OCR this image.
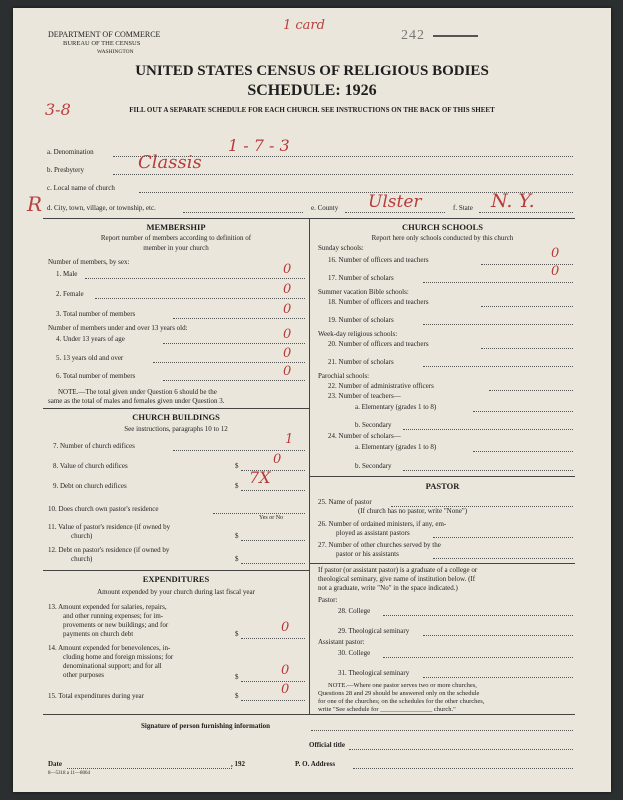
DEPARTMENT OF COMMERCE
BUREAU OF THE CENSUS
WASHINGTON
1 card
242
UNITED STATES CENSUS OF RELIGIOUS BODIES
SCHEDULE: 1926
3-8	FILL OUT A SEPARATE SCHEDULE FOR EACH CHURCH. SEE INSTRUCTIONS ON THE BACK OF THIS SHEET
a. Denomination	1 - 7 - 3
b. Presbytery	Classis
c. Local name of church
R d. City, town, village, or township, etc.	e. County Ulster	f. State N. Y.
MEMBERSHIP
Report number of members according to definition of
member in your church
Number of members, by sex:
1. Male	0
2. Female	0
3. Total number of members	0
Number of members under and over 13 years old:
4. Under 13 years of age	0
5. 13 years old and over	0
6. Total number of members	0
NOTE.—The total given under Question 6 should be the
same as the total of males and females given under Question 3.
CHURCH BUILDINGS
See instructions, paragraphs 10 to 12
7. Number of church edifices	1
8. Value of church edifices	$	0
9. Debt on church edifices	$ 7X
10. Does church own pastor's residence
Yes or No
11. Value of pastor's residence (if owned by
church)	$
12. Debt on pastor's residence (if owned by
church)	$
EXPENDITURES
Amount expended by your church during last fiscal year
13. Amount expended for salaries, repairs,
and other running expenses; for im-
provements or new buildings; and for
payments on church debt	$	0
14. Amount expended for benevolences, in-
cluding home and foreign missions; for
denominational support; and for all
other purposes	$	0
15. Total expenditures during year	$	0
CHURCH SCHOOLS
Report here only schools conducted by this church
Sunday schools:
16. Number of officers and teachers	0
17. Number of scholars	0
Summer vacation Bible schools:
18. Number of officers and teachers
19. Number of scholars
Week-day religious schools:
20. Number of officers and teachers
21. Number of scholars
Parochial schools:
22. Number of administrative officers
23. Number of teachers—
a. Elementary (grades 1 to 8)
b. Secondary
24. Number of scholars—
a. Elementary (grades 1 to 8)
b. Secondary
PASTOR
25. Name of pastor
(If church has no pastor, write "None")
26. Number of ordained ministers, if any, em-
ployed as assistant pastors
27. Number of other churches served by the
pastor or his assistants
If pastor (or assistant pastor) is a graduate of a college or
theological seminary, give name of institution below. (If
not a graduate, write "No" in the space indicated.)
Pastor:
28. College
29. Theological seminary
Assistant pastor:
30. College
31. Theological seminary
NOTE.—Where one pastor serves two or more churches,
Questions 28 and 29 should be answered only on the schedule
for one of the churches; on the schedules for the other churches,
write "See schedule for ________________ church."
Signature of person furnishing information
Official title
Date	, 192	P. O. Address
8—5318 a 11—8064
